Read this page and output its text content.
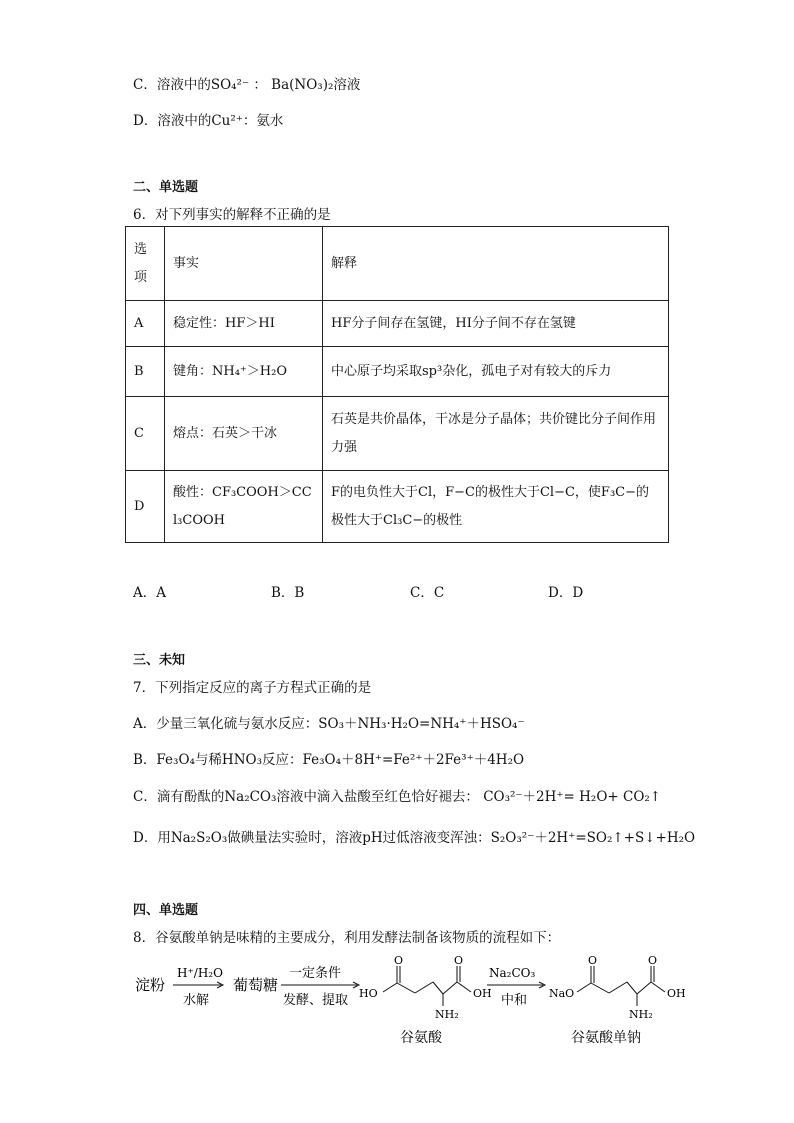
C．溶液中的SO₄²⁻ ： Ba(NO₃)₂溶液
D．溶液中的Cu²⁺：氨水
二、单选题
6．对下列事实的解释不正确的是
选项	事实	解释
A	稳定性：HF＞HI	HF分子间存在氢键，HI分子间不存在氢键
B	键角：NH₄⁺＞H₂O	中心原子均采取sp³杂化，孤电子对有较大的斥力
C	熔点：石英＞干冰	石英是共价晶体，干冰是分子晶体；共价键比分子间作用力强
D	酸性：CF₃COOH＞CCl₃COOH	F的电负性大于Cl，F−C的极性大于Cl−C，使F₃C−的极性大于Cl₃C−的极性
A．A	B．B	C．C	D．D
三、未知
7．下列指定反应的离子方程式正确的是
A．少量三氧化硫与氨水反应：SO₃＋NH₃·H₂O=NH₄⁺＋HSO₄⁻
B．Fe₃O₄与稀HNO₃反应：Fe₃O₄＋8H⁺=Fe²⁺＋2Fe³⁺＋4H₂O
C．滴有酚酞的Na₂CO₃溶液中滴入盐酸至红色恰好褪去： CO₃²⁻＋2H⁺= H₂O+ CO₂↑
D．用Na₂S₂O₃做碘量法实验时，溶液pH过低溶液变浑浊：S₂O₃²⁻＋2H⁺=SO₂↑+S↓+H₂O
四、单选题
8．谷氨酸单钠是味精的主要成分，利用发酵法制备该物质的流程如下：
淀粉
H⁺/H₂O
水解
葡萄糖
一定条件
发酵、提取 HO
O	O
OH
NH₂
谷氨酸
Na₂CO₃
中和 NaO
O	O
OH
NH₂
谷氨酸单钠
